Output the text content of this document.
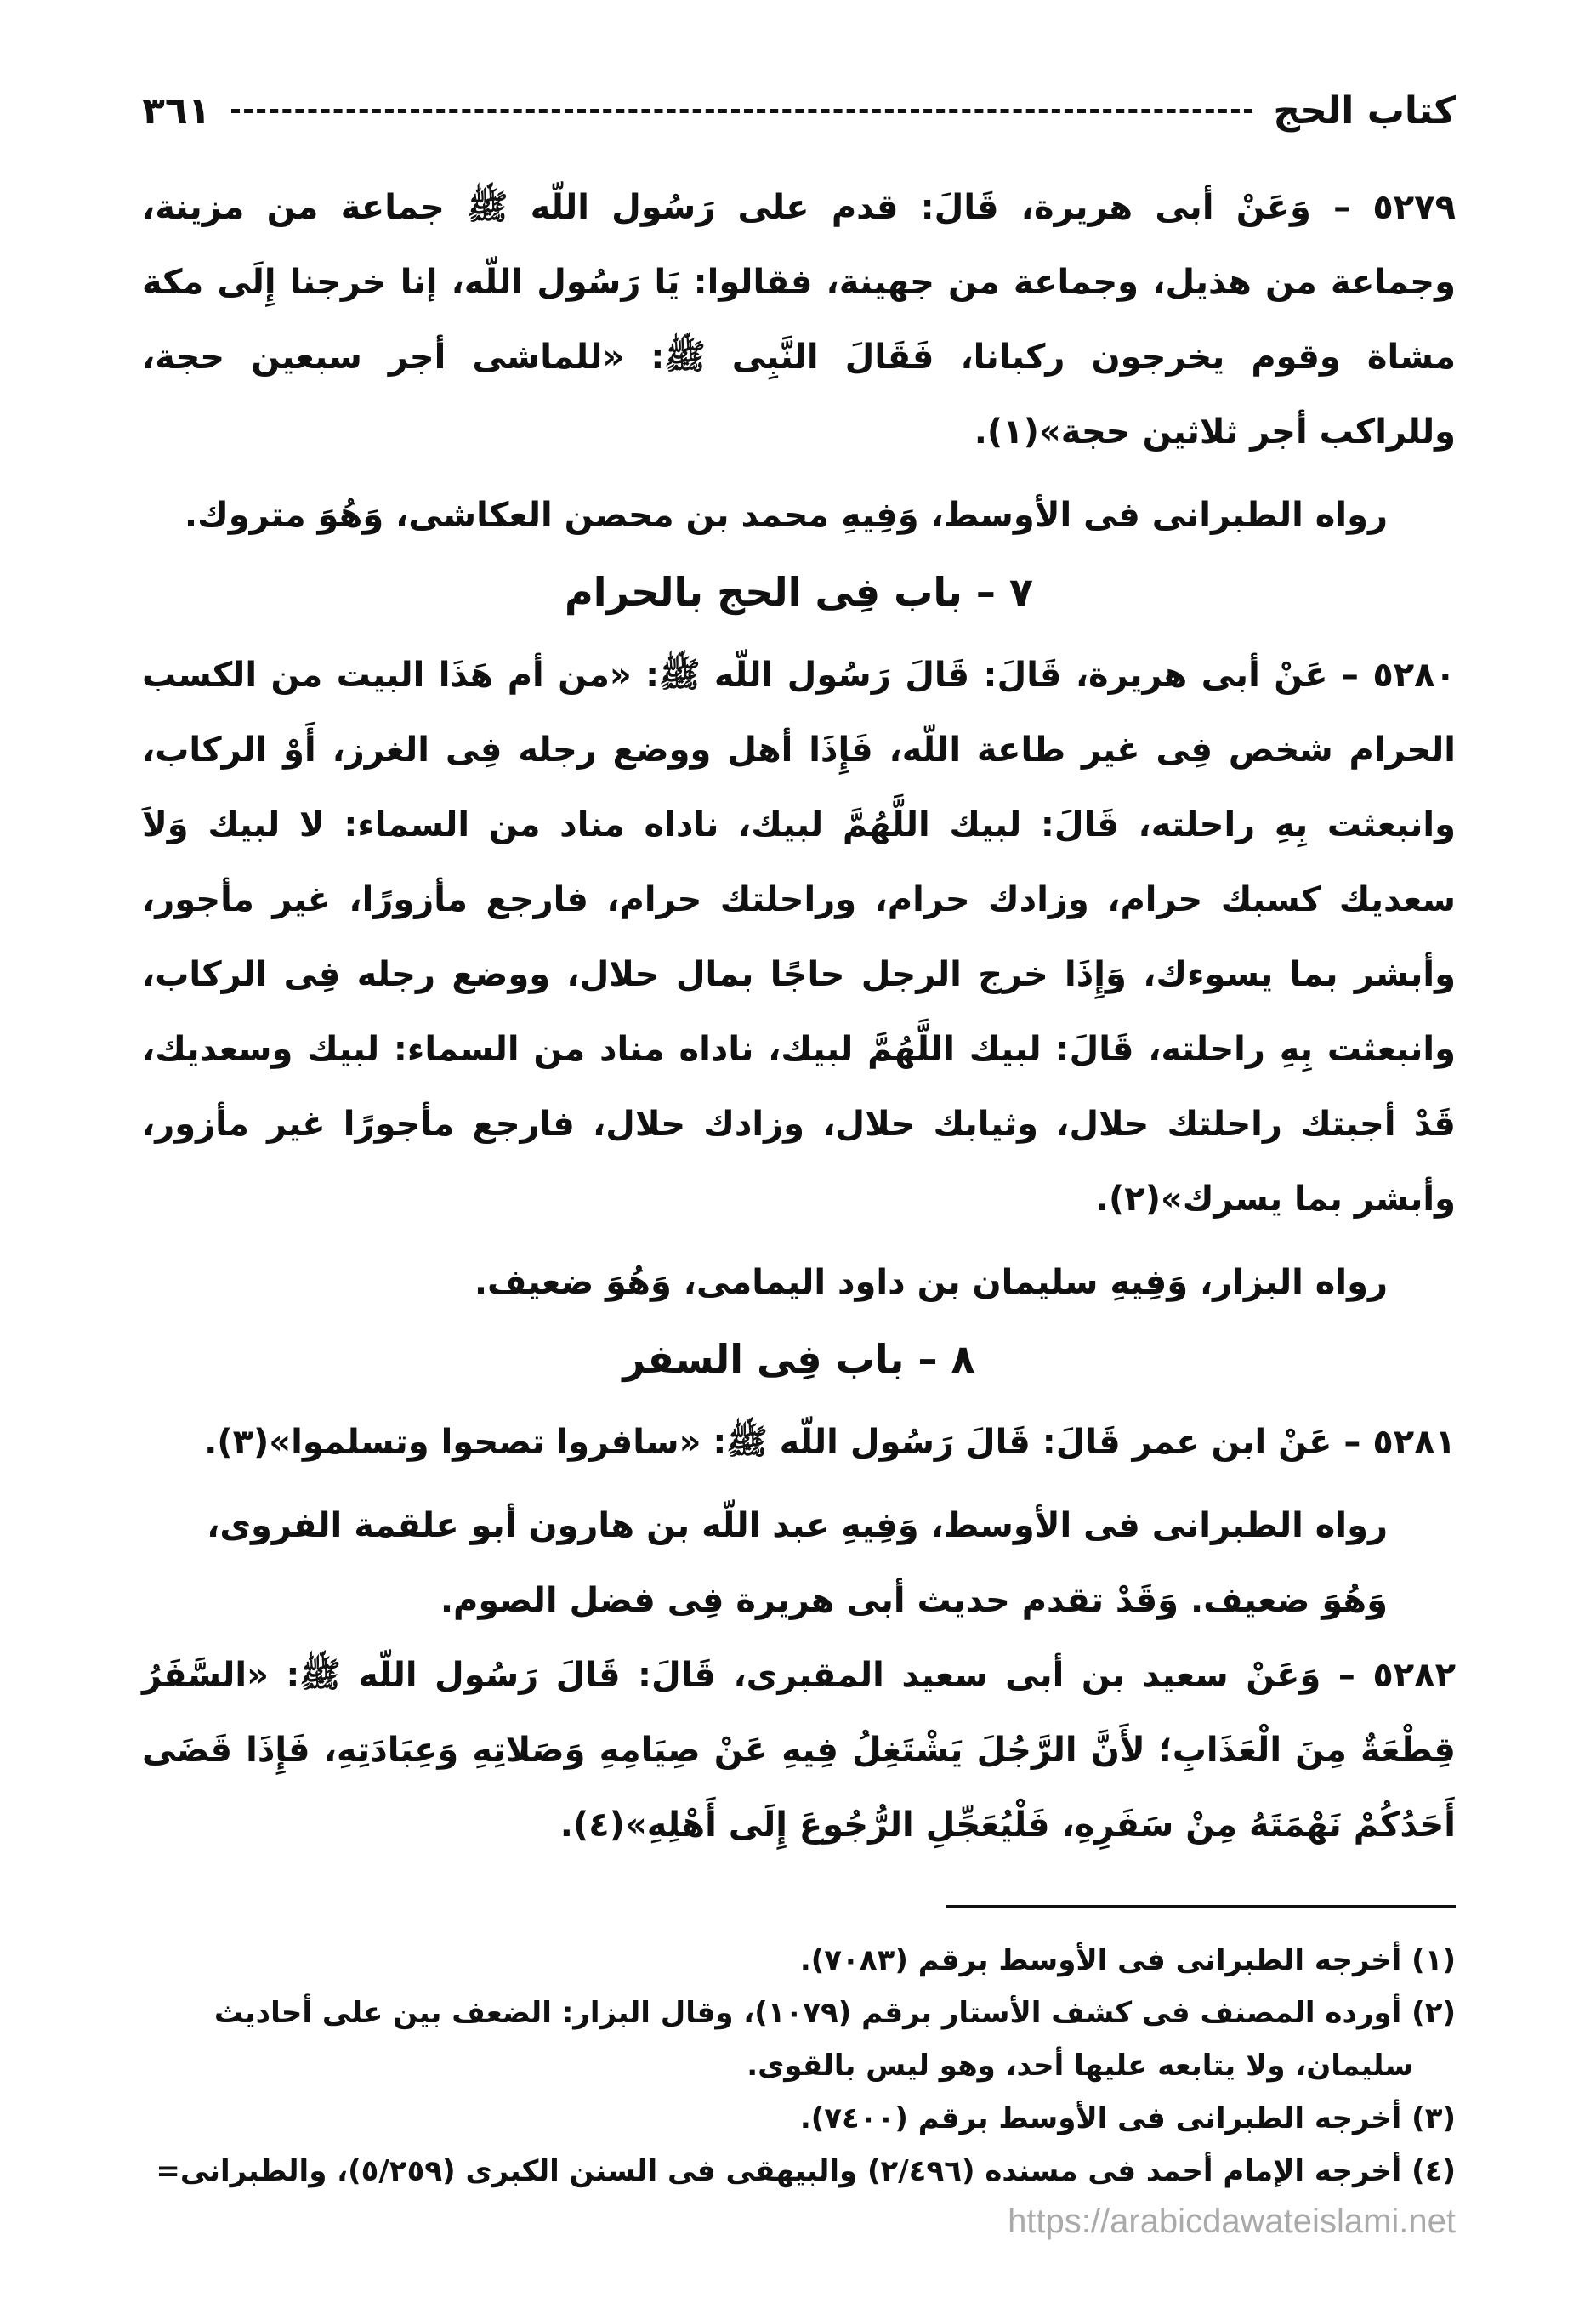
كتاب الحج
٣٦١
٥٢٧٩ – وَعَنْ أبى هريرة، قَالَ: قدم على رَسُول اللّه ﷺ جماعة من مزينة، وجماعة من هذيل، وجماعة من جهينة، فقالوا: يَا رَسُول اللّه، إنا خرجنا إِلَى مكة مشاة وقوم يخرجون ركبانا، فَقَالَ النَّبِى ﷺ: «للماشى أجر سبعين حجة، وللراكب أجر ثلاثين حجة»(١).
رواه الطبرانى فى الأوسط، وَفِيهِ محمد بن محصن العكاشى، وَهُوَ متروك.
٧ – باب فِى الحج بالحرام
٥٢٨٠ – عَنْ أبى هريرة، قَالَ: قَالَ رَسُول اللّه ﷺ: «من أم هَذَا البيت من الكسب الحرام شخص فِى غير طاعة اللّه، فَإِذَا أهل ووضع رجله فِى الغرز، أَوْ الركاب، وانبعثت بِهِ راحلته، قَالَ: لبيك اللَّهُمَّ لبيك، ناداه مناد من السماء: لا لبيك وَلاَ سعديك كسبك حرام، وزادك حرام، وراحلتك حرام، فارجع مأزورًا، غير مأجور، وأبشر بما يسوءك، وَإِذَا خرج الرجل حاجًا بمال حلال، ووضع رجله فِى الركاب، وانبعثت بِهِ راحلته، قَالَ: لبيك اللَّهُمَّ لبيك، ناداه مناد من السماء: لبيك وسعديك، قَدْ أجبتك راحلتك حلال، وثيابك حلال، وزادك حلال، فارجع مأجورًا غير مأزور، وأبشر بما يسرك»(٢).
رواه البزار، وَفِيهِ سليمان بن داود اليمامى، وَهُوَ ضعيف.
٨ – باب فِى السفر
٥٢٨١ – عَنْ ابن عمر قَالَ: قَالَ رَسُول اللّه ﷺ: «سافروا تصحوا وتسلموا»(٣).
رواه الطبرانى فى الأوسط، وَفِيهِ عبد اللّه بن هارون أبو علقمة الفروى، وَهُوَ ضعيف. وَقَدْ تقدم حديث أبى هريرة فِى فضل الصوم.
٥٢٨٢ – وَعَنْ سعيد بن أبى سعيد المقبرى، قَالَ: قَالَ رَسُول اللّه ﷺ: «السَّفَرُ قِطْعَةٌ مِنَ الْعَذَابِ؛ لأَنَّ الرَّجُلَ يَشْتَغِلُ فِيهِ عَنْ صِيَامِهِ وَصَلاتِهِ وَعِبَادَتِهِ، فَإِذَا قَضَى أَحَدُكُمْ نَهْمَتَهُ مِنْ سَفَرِهِ، فَلْيُعَجِّلِ الرُّجُوعَ إِلَى أَهْلِهِ»(٤).
(١) أخرجه الطبرانى فى الأوسط برقم (٧٠٨٣).
(٢) أورده المصنف فى كشف الأستار برقم (١٠٧٩)، وقال البزار: الضعف بين على أحاديث
سليمان، ولا يتابعه عليها أحد، وهو ليس بالقوى.
(٣) أخرجه الطبرانى فى الأوسط برقم (٧٤٠٠).
(٤) أخرجه الإمام أحمد فى مسنده (٢/٤٩٦) والبيهقى فى السنن الكبرى (٥/٢٥٩)، والطبرانى=
https://arabicdawateislami.net
